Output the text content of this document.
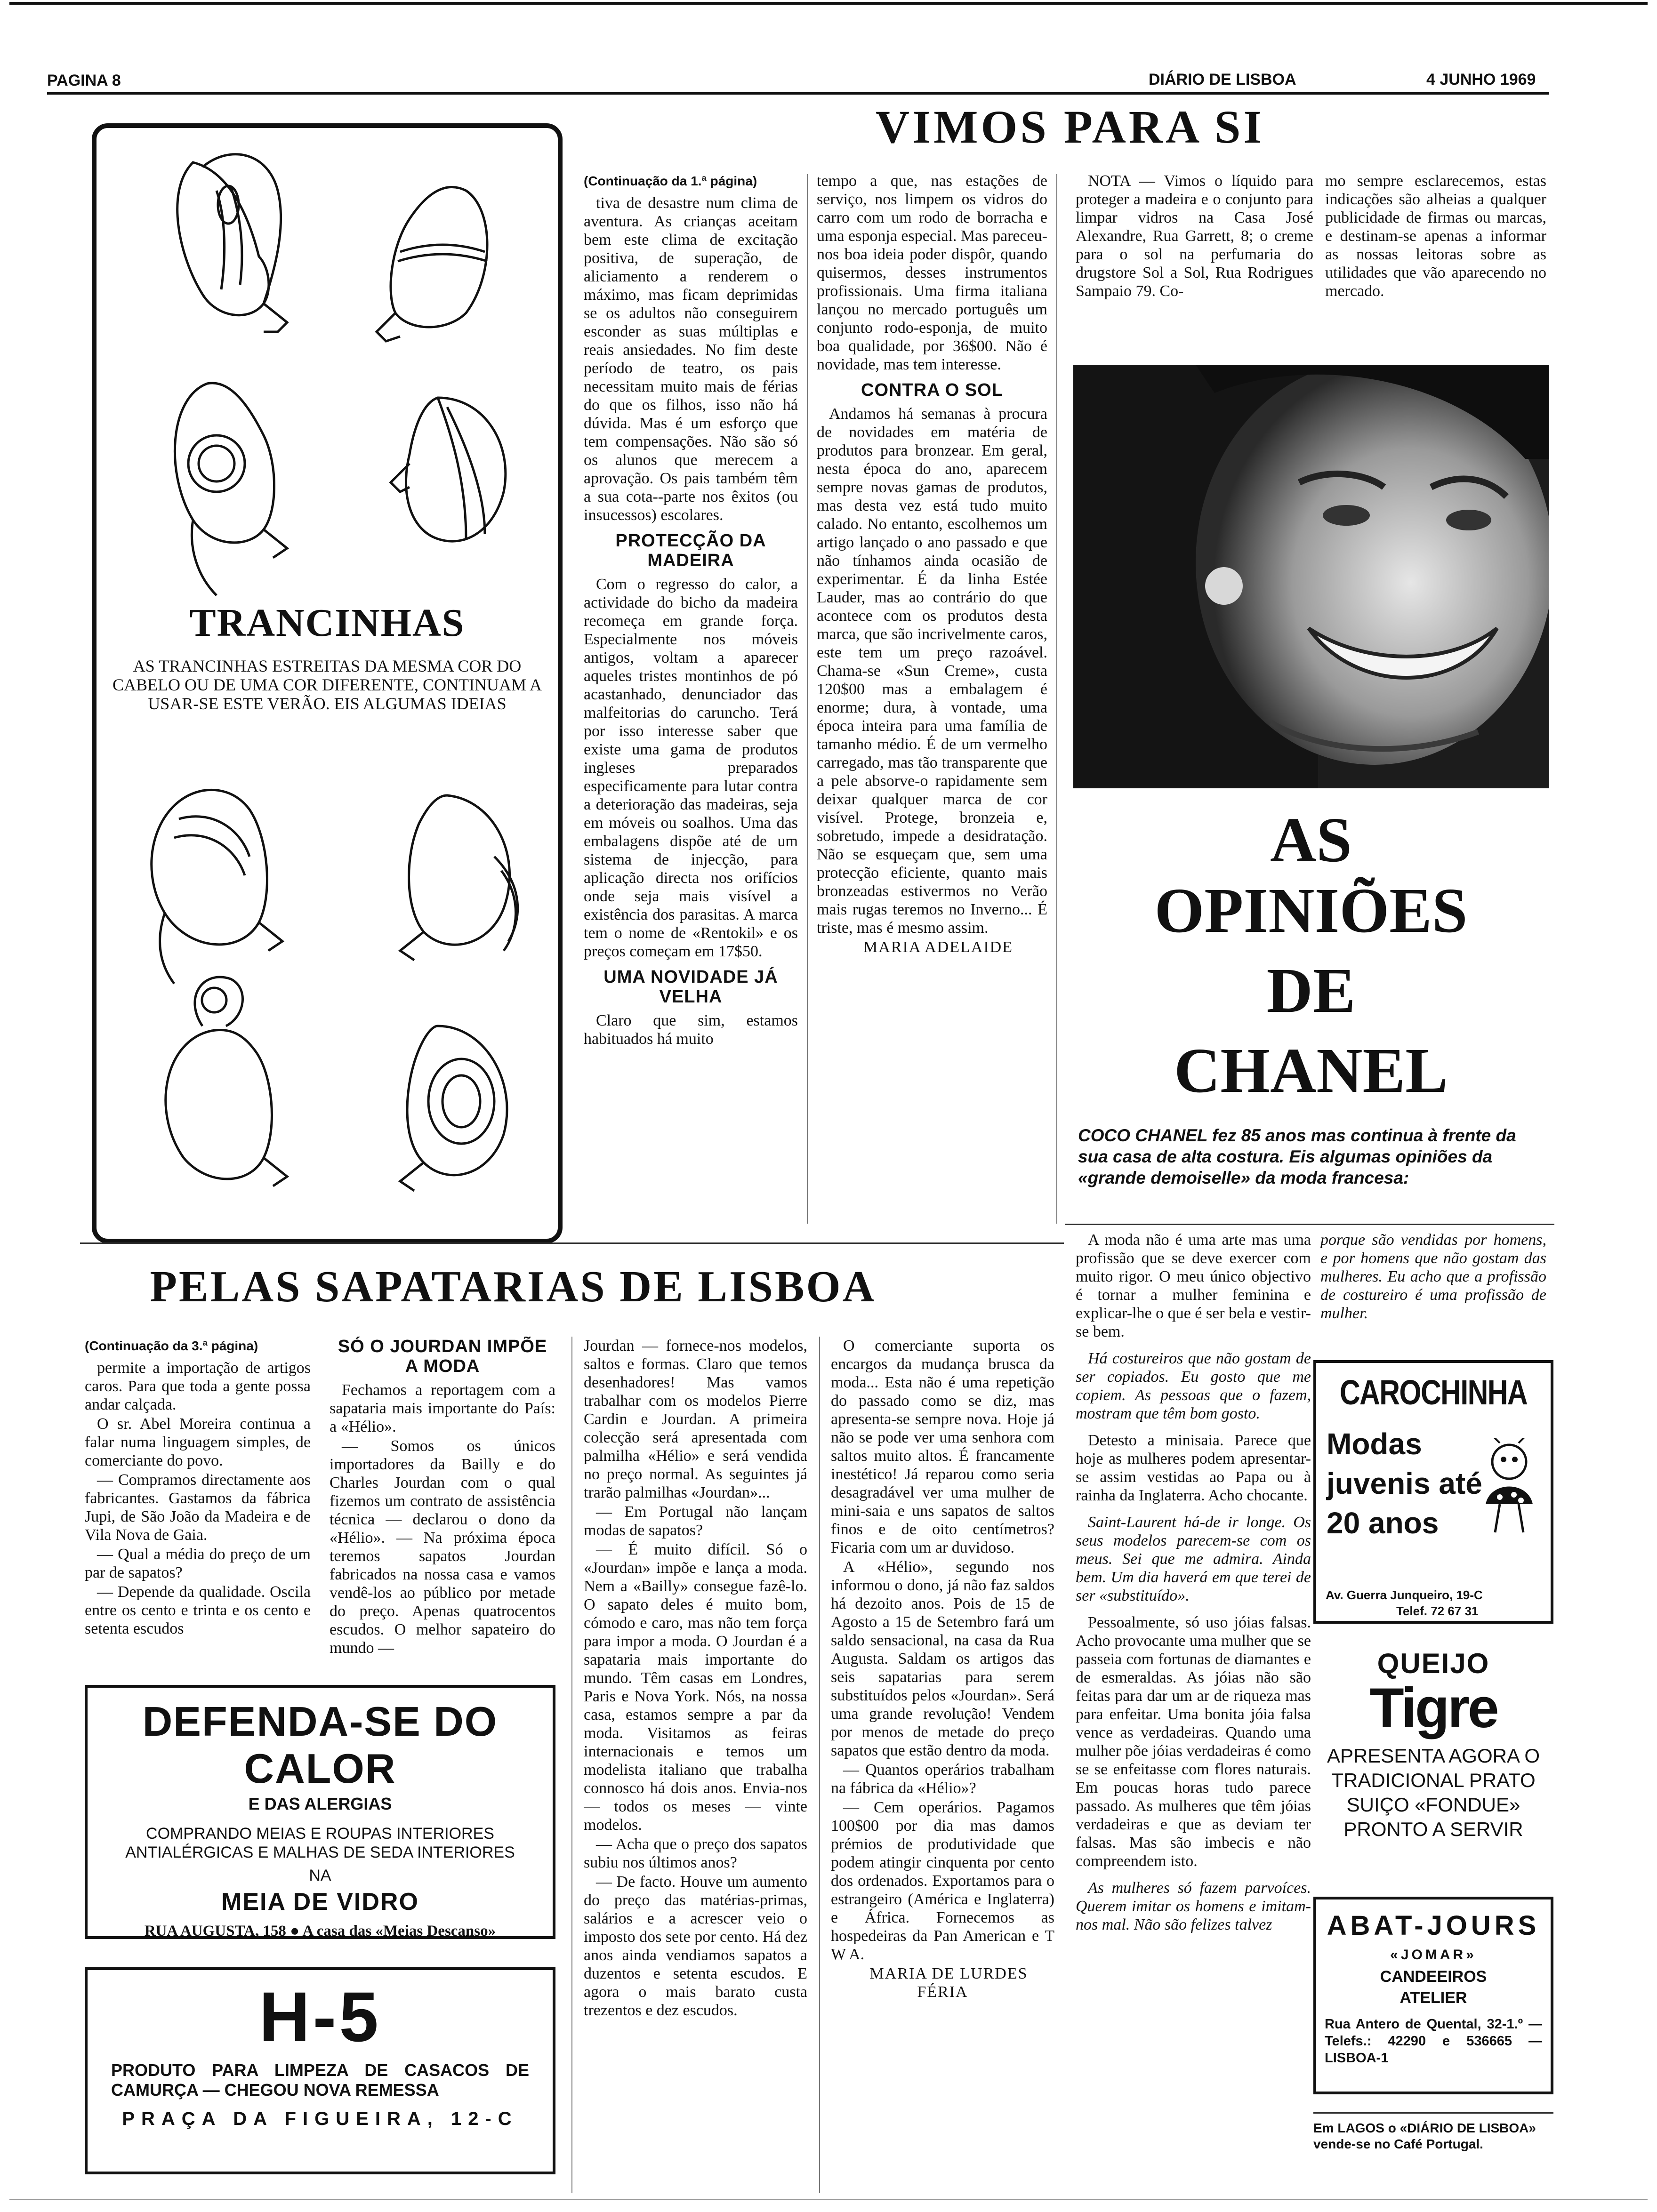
PAGINA 8	DIÁRIO DE LISBOA	4 JUNHO 1969
TRANCINHAS
AS TRANCINHAS ESTREITAS DA MESMA COR DO CABELO OU DE UMA COR DIFERENTE, CONTINUAM A USAR-SE ESTE VERÃO. EIS ALGUMAS IDEIAS
VIMOS PARA SI

(Continuação da 1.ª página)

tiva de desastre num clima de aventura. As crianças aceitam bem este clima de excitação positiva, de superação, de aliciamento a renderem o máximo, mas ficam deprimidas se os adultos não conseguirem esconder as suas múltiplas e reais ansiedades. No fim deste período de teatro, os pais necessitam muito mais de férias do que os filhos, isso não há dúvida. Mas é um esforço que tem compensações. Não são só os alunos que merecem a aprovação. Os pais também têm a sua cota--parte nos êxitos (ou insucessos) escolares.

PROTECÇÃO DA MADEIRA

Com o regresso do calor, a actividade do bicho da madeira recomeça em grande força. Especialmente nos móveis antigos, voltam a aparecer aqueles tristes montinhos de pó acastanhado, denunciador das malfeitorias do caruncho. Terá por isso interesse saber que existe uma gama de produtos ingleses preparados especificamente para lutar contra a deterioração das madeiras, seja em móveis ou soalhos. Uma das embalagens dispõe até de um sistema de injecção, para aplicação directa nos orifícios onde seja mais visível a existência dos parasitas. A marca tem o nome de «Rentokil» e os preços começam em 17$50.

UMA NOVIDADE JÁ VELHA

Claro que sim, estamos habituados há muito

tempo a que, nas estações de serviço, nos limpem os vidros do carro com um rodo de borracha e uma esponja especial. Mas pareceu-nos boa ideia poder dispôr, quando quisermos, desses instrumentos profissionais. Uma firma italiana lançou no mercado português um conjunto rodo-esponja, de muito boa qualidade, por 36$00. Não é novidade, mas tem interesse.

CONTRA O SOL

Andamos há semanas à procura de novidades em matéria de produtos para bronzear. Em geral, nesta época do ano, aparecem sempre novas gamas de produtos, mas desta vez está tudo muito calado. No entanto, escolhemos um artigo lançado o ano passado e que não tínhamos ainda ocasião de experimentar. É da linha Estée Lauder, mas ao contrário do que acontece com os produtos desta marca, que são incrivelmente caros, este tem um preço razoável. Chama-se «Sun Creme», custa 120$00 mas a embalagem é enorme; dura, à vontade, uma época inteira para uma família de tamanho médio. É de um vermelho carregado, mas tão transparente que a pele absorve-o rapidamente sem deixar qualquer marca de cor visível. Protege, bronzeia e, sobretudo, impede a desidratação. Não se esqueçam que, sem uma protecção eficiente, quanto mais bronzeadas estivermos no Verão mais rugas teremos no Inverno... É triste, mas é mesmo assim.

MARIA ADELAIDE

NOTA — Vimos o líquido para proteger a madeira e o conjunto para limpar vidros na Casa José Alexandre, Rua Garrett, 8; o creme para o sol na perfumaria do drugstore Sol a Sol, Rua Rodrigues Sampaio 79. Co-

mo sempre esclarecemos, estas indicações são alheias a qualquer publicidade de firmas ou marcas, e destinam-se apenas a informar as nossas leitoras sobre as utilidades que vão aparecendo no mercado.

AS
OPINIÕES
DE
CHANEL
COCO CHANEL fez 85 anos mas continua à frente da sua casa de alta costura. Eis algumas opiniões da «grande demoiselle» da moda francesa:

A moda não é uma arte mas uma profissão que se deve exercer com muito rigor. O meu único objectivo é tornar a mulher feminina e explicar-lhe o que é ser bela e vestir-se bem.

Há costureiros que não gostam de ser copiados. Eu gosto que me copiem. As pessoas que o fazem, mostram que têm bom gosto.

Detesto a minisaia. Parece que hoje as mulheres podem apresentar-se assim vestidas ao Papa ou à rainha da Inglaterra. Acho chocante.

Saint-Laurent há-de ir longe. Os seus modelos parecem-se com os meus. Sei que me admira. Ainda bem. Um dia haverá em que terei de ser «substituído».

Pessoalmente, só uso jóias falsas. Acho provocante uma mulher que se passeia com fortunas de diamantes e de esmeraldas. As jóias não são feitas para dar um ar de riqueza mas para enfeitar. Uma bonita jóia falsa vence as verdadeiras. Quando uma mulher põe jóias verdadeiras é como se se enfeitasse com flores naturais. Em poucas horas tudo parece passado. As mulheres que têm jóias verdadeiras e que as deviam ter falsas. Mas são imbecis e não compreendem isto.

As mulheres só fazem parvoíces. Querem imitar os homens e imitam-nos mal. Não são felizes talvez

porque são vendidas por homens, e por homens que não gostam das mulheres. Eu acho que a profissão de costureiro é uma profissão de mulher.

CAROCHINHA
Modas
juvenis até
20 anos
Av. Guerra Junqueiro, 19-C
Telef. 72 67 31
QUEIJO
Tigre
APRESENTA AGORA O TRADICIONAL PRATO SUIÇO «FONDUE» PRONTO A SERVIR
ABAT-JOURS
«JOMAR»
CANDEEIROS
ATELIER
Rua Antero de Quental, 32-1.º — Telefs.: 42290 e 536665 — LISBOA-1
Em LAGOS o «DIÁRIO DE LISBOA» vende-se no Café Portugal.
PELAS SAPATARIAS DE LISBOA

(Continuação da 3.ª página)

permite a importação de artigos caros. Para que toda a gente possa andar calçada.

O sr. Abel Moreira continua a falar numa linguagem simples, de comerciante do povo.

— Compramos directamente aos fabricantes. Gastamos da fábrica Jupi, de São João da Madeira e de Vila Nova de Gaia.

— Qual a média do preço de um par de sapatos?

— Depende da qualidade. Oscila entre os cento e trinta e os cento e setenta escudos

SÓ O JOURDAN IMPÕE A MODA

Fechamos a reportagem com a sapataria mais importante do País: a «Hélio».

— Somos os únicos importadores da Bailly e do Charles Jourdan com o qual fizemos um contrato de assistência técnica — declarou o dono da «Hélio». — Na próxima época teremos sapatos Jourdan fabricados na nossa casa e vamos vendê-los ao público por metade do preço. Apenas quatrocentos escudos. O melhor sapateiro do mundo —

Jourdan — fornece-nos modelos, saltos e formas. Claro que temos desenhadores! Mas vamos trabalhar com os modelos Pierre Cardin e Jourdan. A primeira colecção será apresentada com palmilha «Hélio» e será vendida no preço normal. As seguintes já trarão palmilhas «Jourdan»...

— Em Portugal não lançam modas de sapatos?

— É muito difícil. Só o «Jourdan» impõe e lança a moda. Nem a «Bailly» consegue fazê-lo. O sapato deles é muito bom, cómodo e caro, mas não tem força para impor a moda. O Jourdan é a sapataria mais importante do mundo. Têm casas em Londres, Paris e Nova York. Nós, na nossa casa, estamos sempre a par da moda. Visitamos as feiras internacionais e temos um modelista italiano que trabalha connosco há dois anos. Envia-nos — todos os meses — vinte modelos.

— Acha que o preço dos sapatos subiu nos últimos anos?

— De facto. Houve um aumento do preço das matérias-primas, salários e a acrescer veio o imposto dos sete por cento. Há dez anos ainda vendiamos sapatos a duzentos e setenta escudos. E agora o mais barato custa trezentos e dez escudos.

O comerciante suporta os encargos da mudança brusca da moda... Esta não é uma repetição do passado como se diz, mas apresenta-se sempre nova. Hoje já não se pode ver uma senhora com saltos muito altos. É francamente inestético! Já reparou como seria desagradável ver uma mulher de mini-saia e uns sapatos de saltos finos e de oito centímetros? Ficaria com um ar duvidoso.

A «Hélio», segundo nos informou o dono, já não faz saldos há dezoito anos. Pois de 15 de Agosto a 15 de Setembro fará um saldo sensacional, na casa da Rua Augusta. Saldam os artigos das seis sapatarias para serem substituídos pelos «Jourdan». Será uma grande revolução! Vendem por menos de metade do preço sapatos que estão dentro da moda.

— Quantos operários trabalham na fábrica da «Hélio»?

— Cem operários. Pagamos 100$00 por dia mas damos prémios de produtividade que podem atingir cinquenta por cento dos ordenados. Exportamos para o estrangeiro (América e Inglaterra) e África. Fornecemos as hospedeiras da Pan American e T W A.

MARIA DE LURDES FÉRIA

DEFENDA-SE DO CALOR
E DAS ALERGIAS
COMPRANDO MEIAS E ROUPAS INTERIORES ANTIALÉRGICAS E MALHAS DE SEDA INTERIORES
NA
MEIA DE VIDRO
RUA AUGUSTA, 158 ● A casa das «Meias Descanso»
H-5
PRODUTO PARA LIMPEZA DE CASACOS DE CAMURÇA — CHEGOU NOVA REMESSA
PRAÇA DA FIGUEIRA, 12-C
